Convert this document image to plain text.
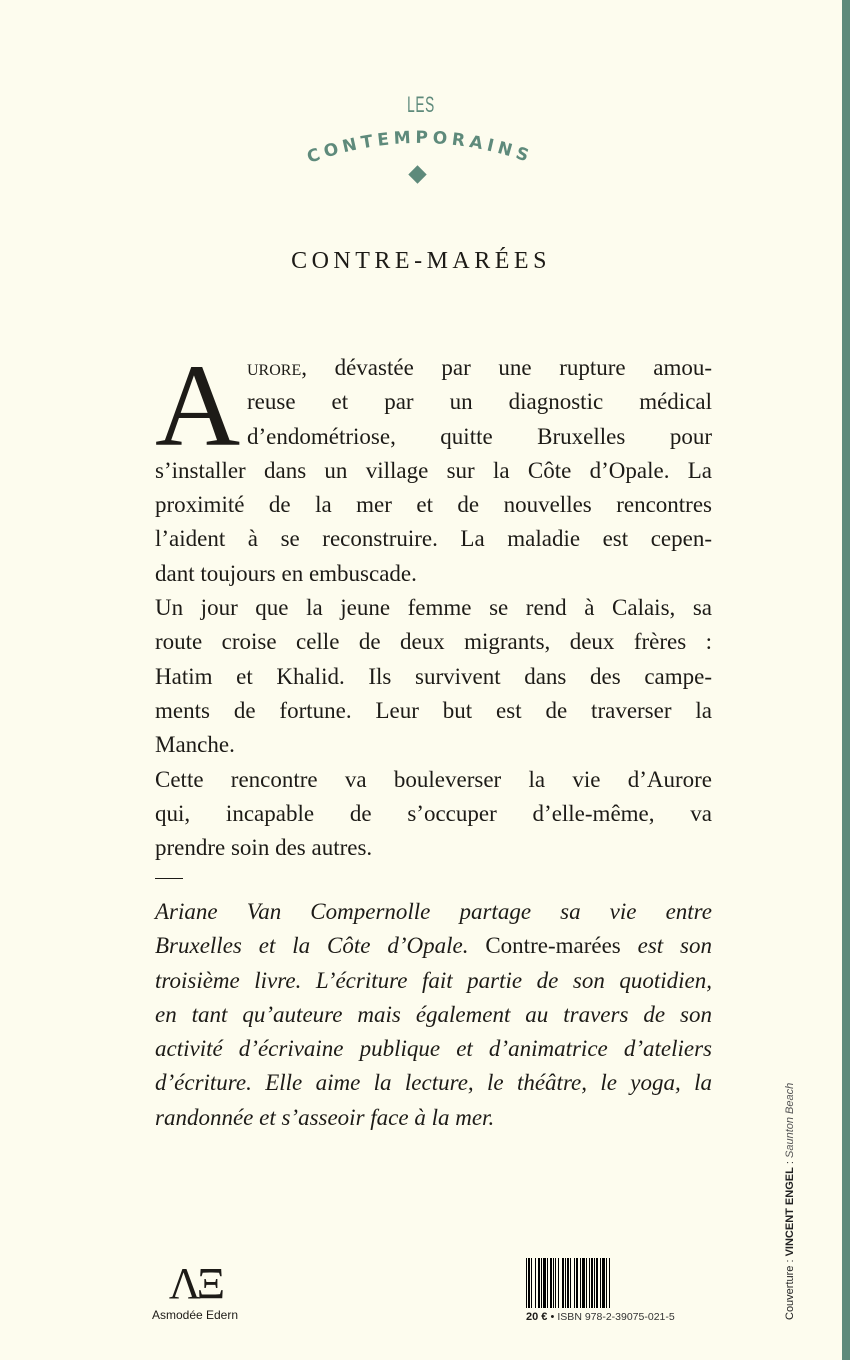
LES
CONTEMPORAINS
CONTRE-MARÉES
A urore, dévastée par une rupture amou-
reuse et par un diagnostic médical
d’endométriose, quitte Bruxelles pour
s’installer dans un village sur la Côte d’Opale. La
proximité de la mer et de nouvelles rencontres
l’aident à se reconstruire. La maladie est cepen-
dant toujours en embuscade.
Un jour que la jeune femme se rend à Calais, sa
route croise celle de deux migrants, deux frères :
Hatim et Khalid. Ils survivent dans des campe-
ments de fortune. Leur but est de traverser la
Manche.
Cette rencontre va bouleverser la vie d’Aurore
qui, incapable de s’occuper d’elle-même, va
prendre soin des autres.
Ariane Van Compernolle partage sa vie entre
Bruxelles et la Côte d’Opale. Contre-marées est son
troisième livre. L’écriture fait partie de son quotidien,
en tant qu’auteure mais également au travers de son
activité d’écrivaine publique et d’animatrice d’ateliers
d’écriture. Elle aime la lecture, le théâtre, le yoga, la
randonnée et s’asseoir face à la mer.
ΛΞ
Asmodée Edern	20 € • ISBN 978-2-39075-021-5	Couverture : VINCENT ENGEL : Saunton Beach
